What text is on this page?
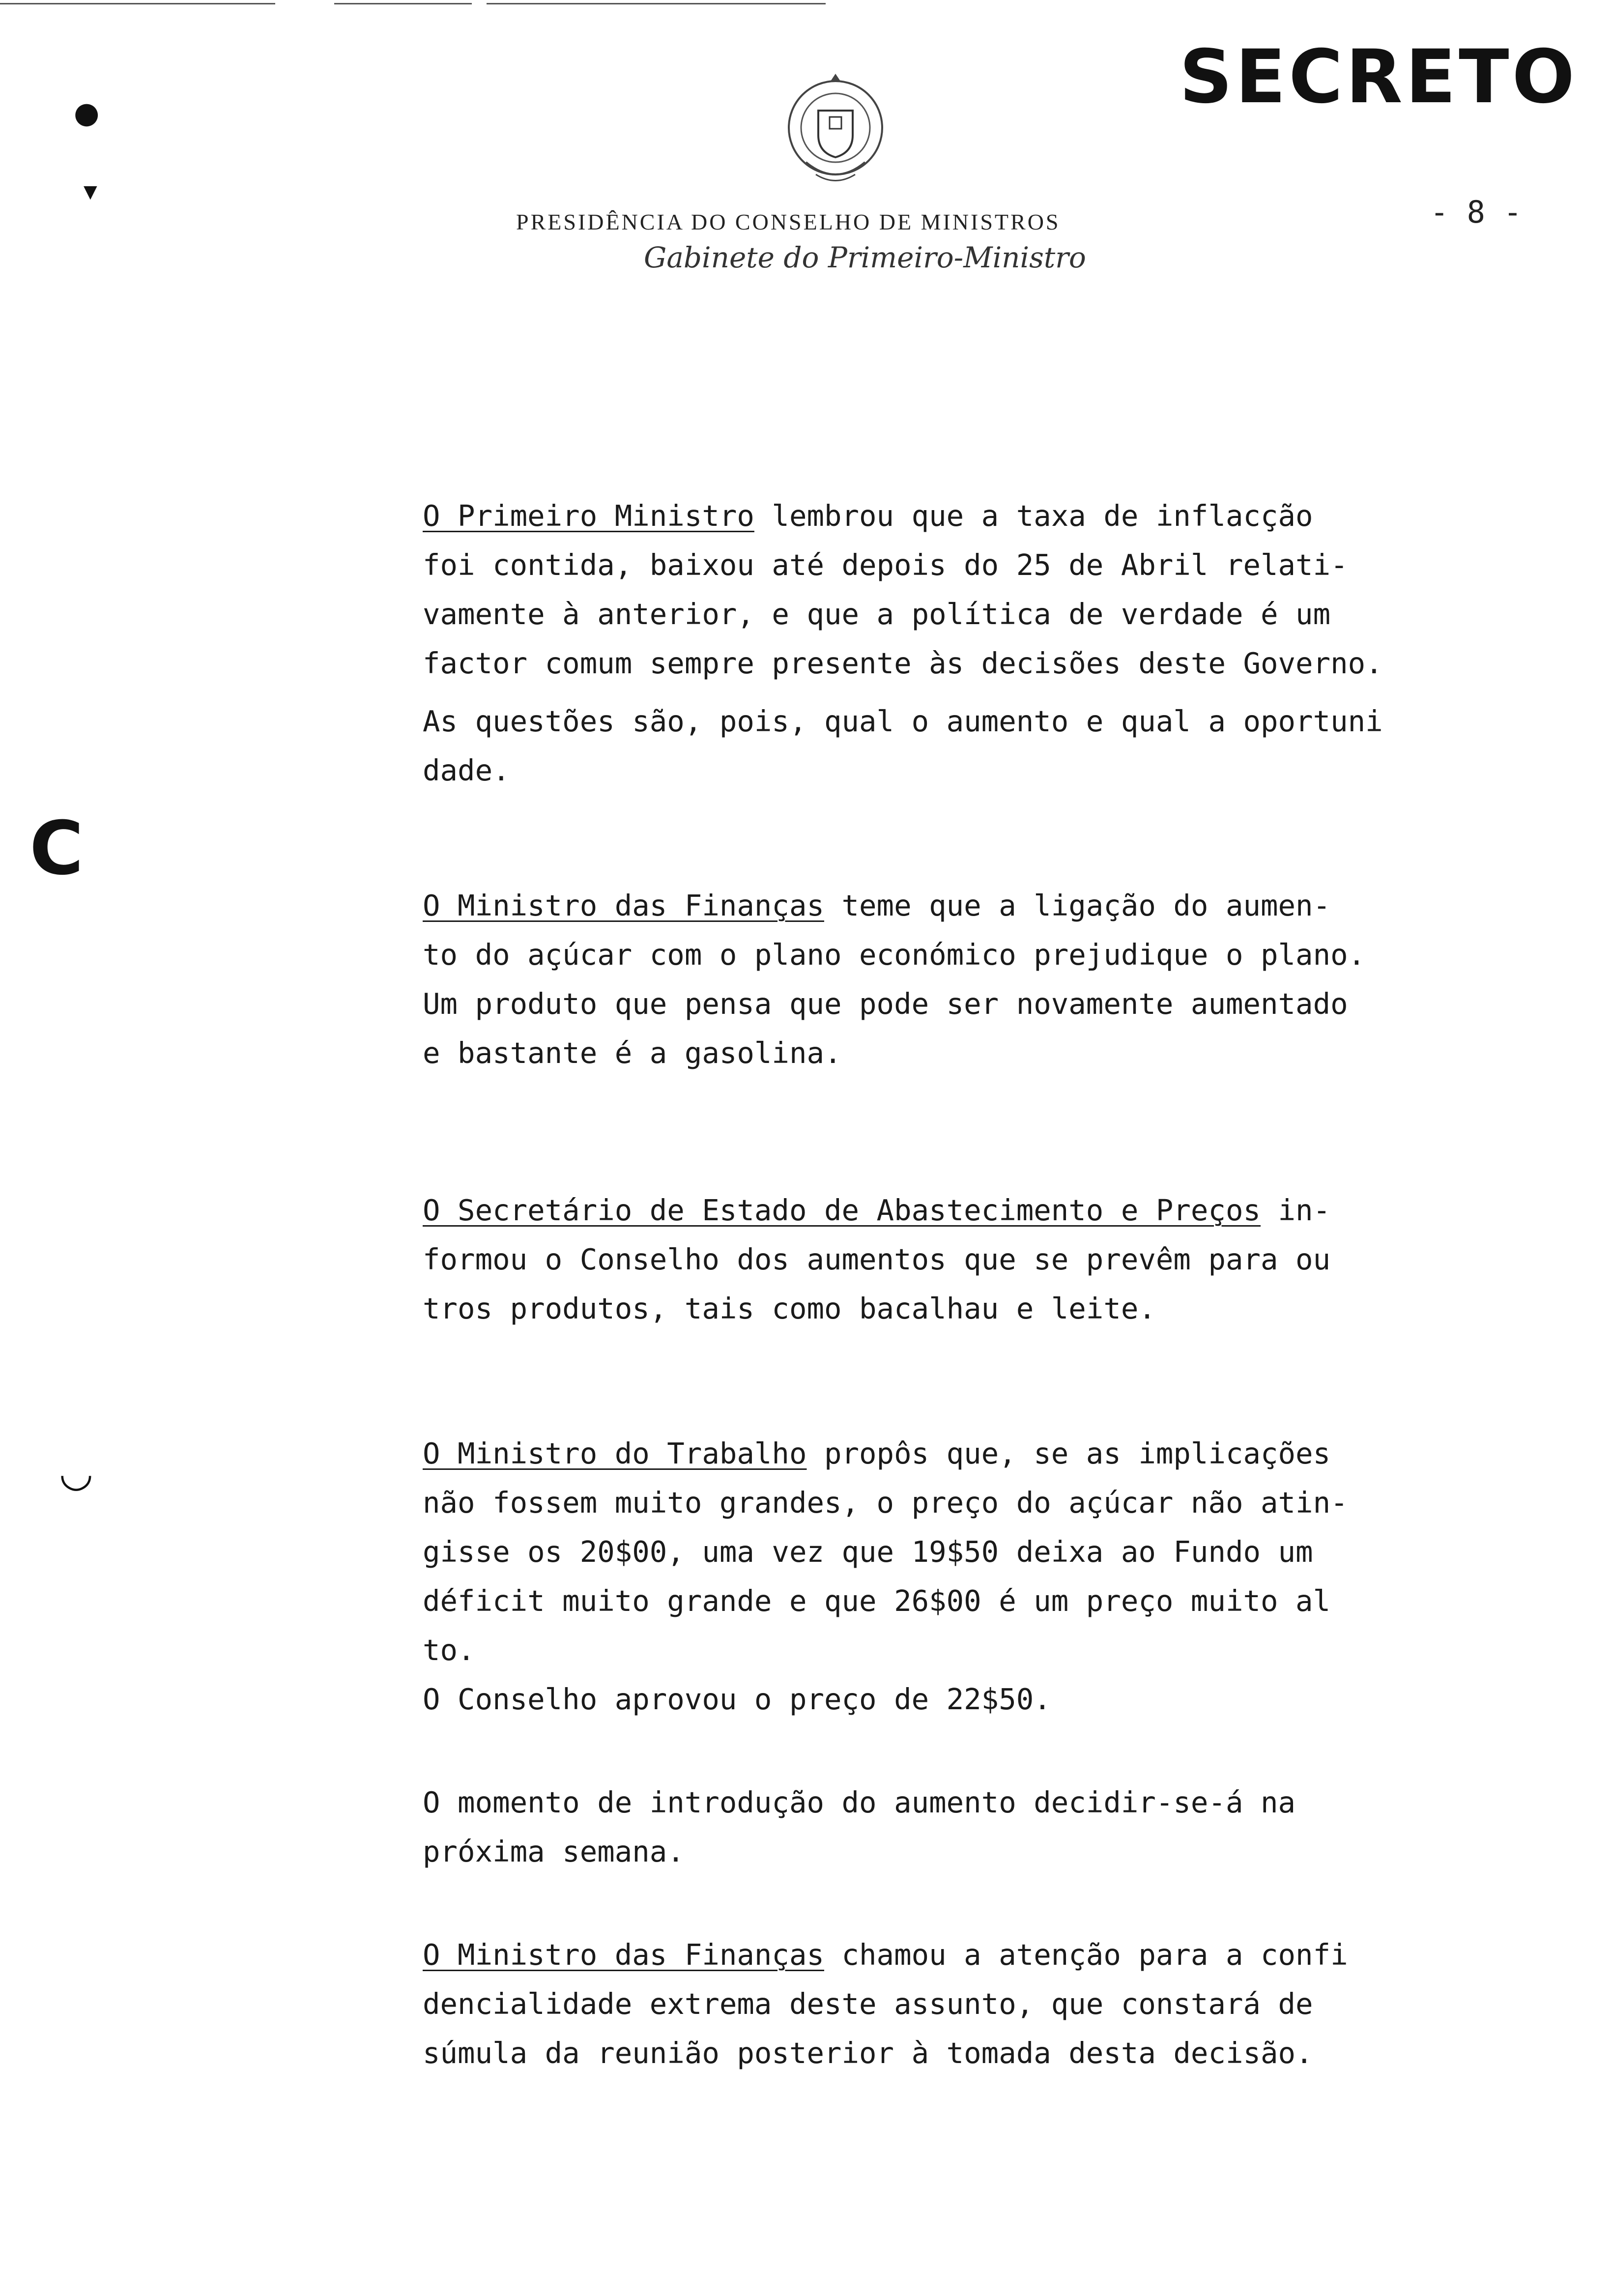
SECRETO
PRESIDÊNCIA DO CONSELHO DE MINISTROS
Gabinete do Primeiro-Ministro
- 8 -
●
▼
C
◡

O Primeiro Ministro lembrou que a taxa de inflacção
foi contida, baixou até depois do 25 de Abril relati-
vamente à anterior, e que a política de verdade é um
factor comum sempre presente às decisões deste Governo.

As questões são, pois, qual o aumento e qual a oportuni
dade.

O Ministro das Finanças teme que a ligação do aumen-
to do açúcar com o plano económico prejudique o plano.
Um produto que pensa que pode ser novamente aumentado
e bastante é a gasolina.

O Secretário de Estado de Abastecimento e Preços in-
formou o Conselho dos aumentos que se prevêm para ou
tros produtos, tais como bacalhau e leite.

O Ministro do Trabalho propôs que, se as implicações
não fossem muito grandes, o preço do açúcar não atin-
gisse os 20$00, uma vez que 19$50 deixa ao Fundo um
déficit muito grande e que 26$00 é um preço muito al
to.

O Conselho aprovou o preço de 22$50.

O momento de introdução do aumento decidir-se-á na
próxima semana.

O Ministro das Finanças chamou a atenção para a confi
dencialidade extrema deste assunto, que constará de
súmula da reunião posterior à tomada desta decisão.
